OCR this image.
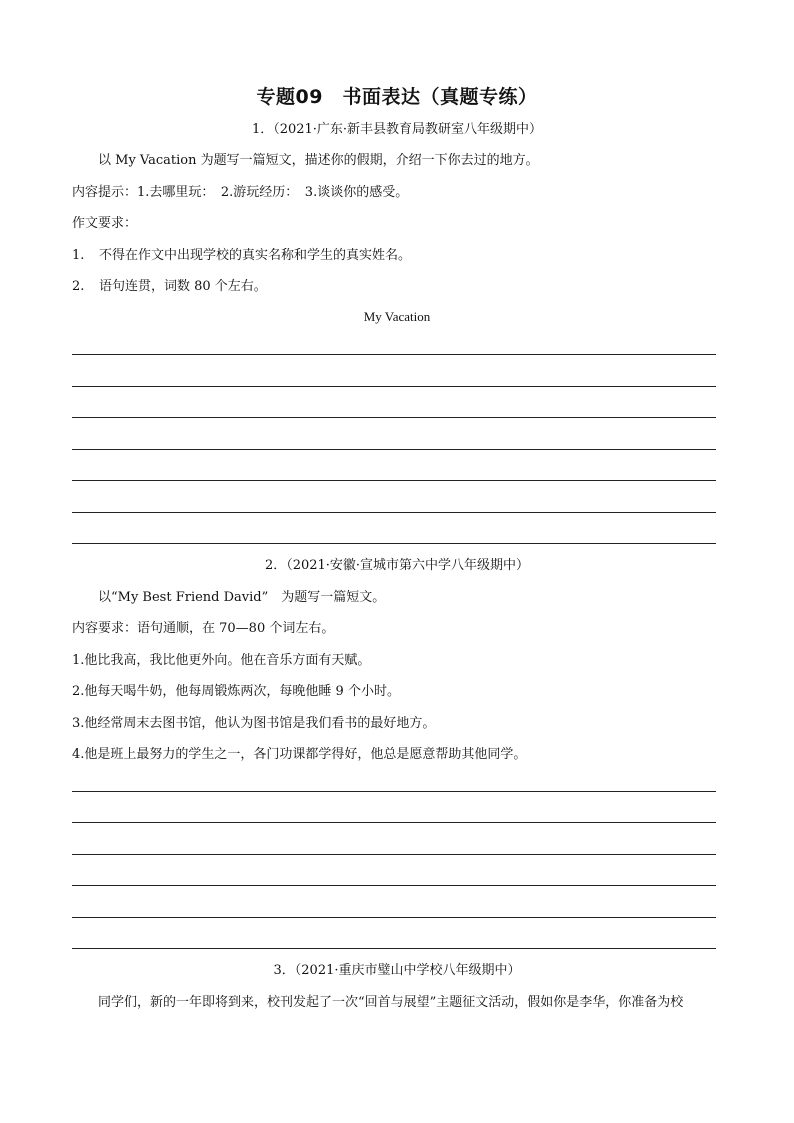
专题09　书面表达（真题专练）
1．（2021·广东·新丰县教育局教研室八年级期中）
以 My Vacation 为题写一篇短文，描述你的假期，介绍一下你去过的地方。
内容提示：1.去哪里玩：　2.游玩经历：　3.谈谈你的感受。
作文要求：
1. 不得在作文中出现学校的真实名称和学生的真实姓名。
2. 语句连贯，词数 80 个左右。
My Vacation
2．（2021·安徽·宣城市第六中学八年级期中）
以“My Best Friend David”　为题写一篇短文。
内容要求：语句通顺，在 70—80 个词左右。
1.他比我高，我比他更外向。他在音乐方面有天赋。
2.他每天喝牛奶，他每周锻炼两次，每晚他睡 9 个小时。
3.他经常周末去图书馆，他认为图书馆是我们看书的最好地方。
4.他是班上最努力的学生之一，各门功课都学得好，他总是愿意帮助其他同学。
3．（2021·重庆市璧山中学校八年级期中）
同学们，新的一年即将到来，校刊发起了一次“回首与展望”主题征文活动，假如你是李华，你准备为校
